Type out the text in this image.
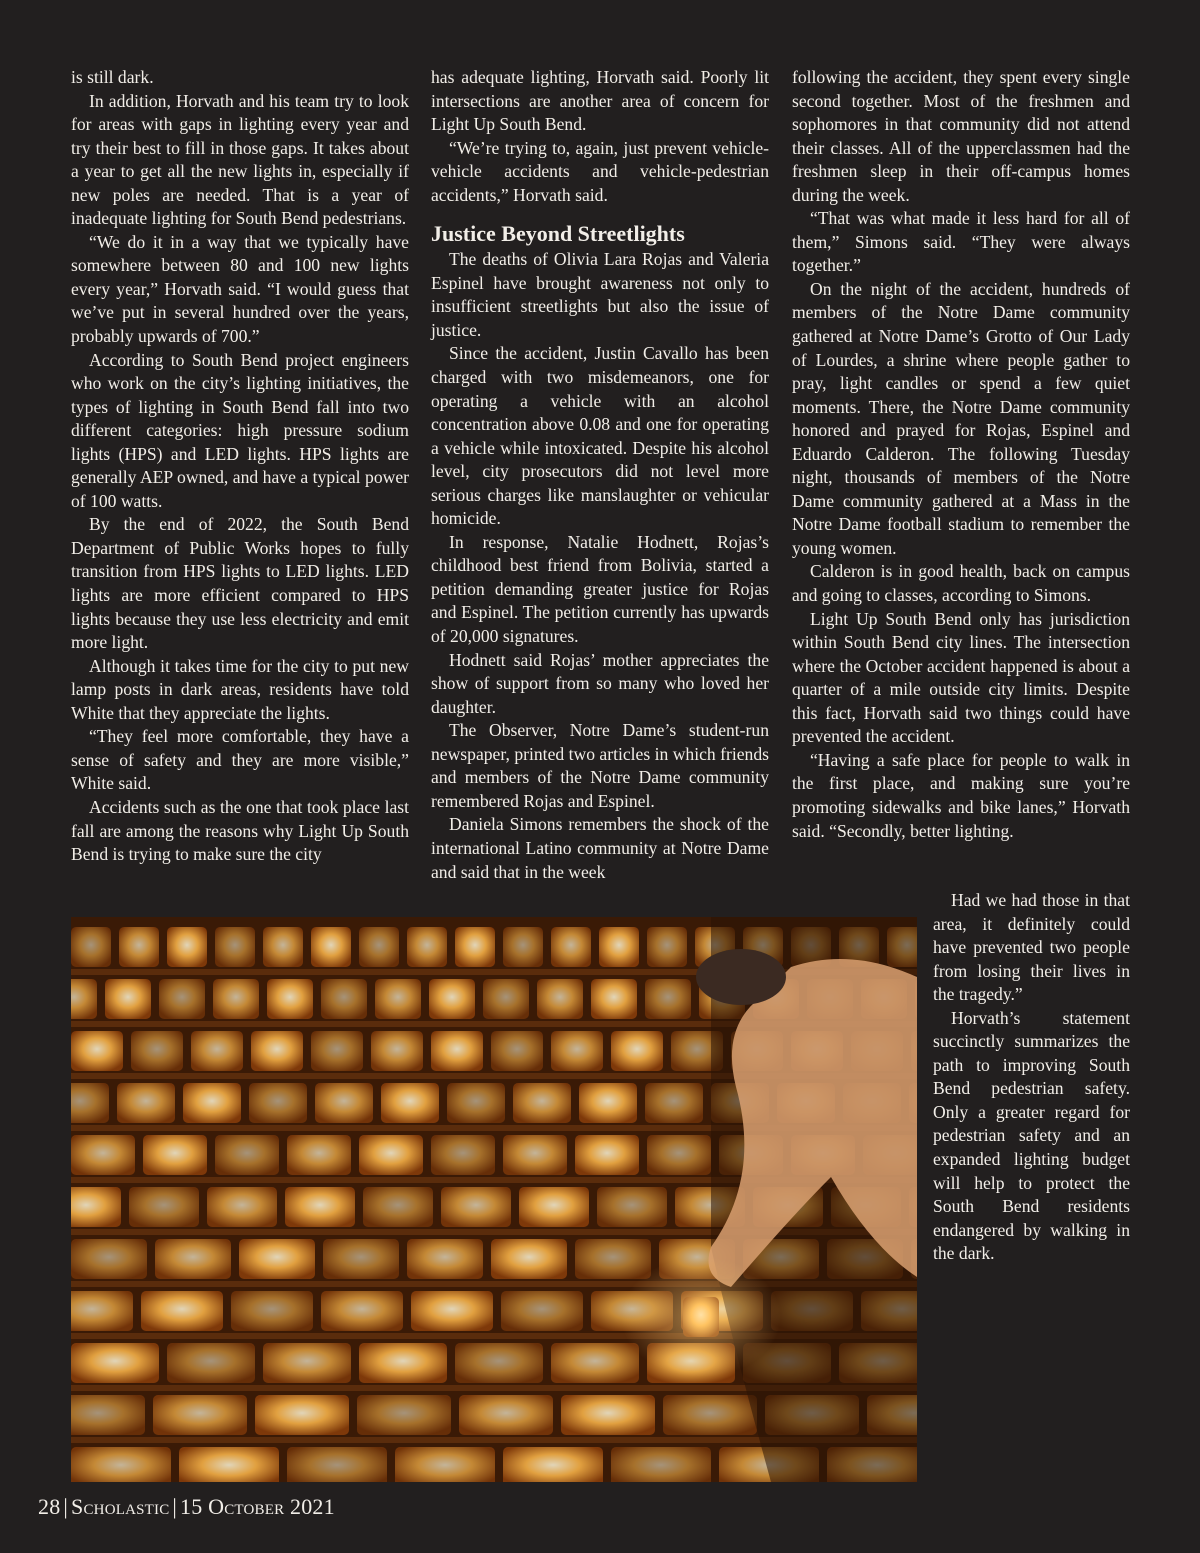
is still dark.

In addition, Horvath and his team try to look for areas with gaps in lighting every year and try their best to fill in those gaps. It takes about a year to get all the new lights in, especially if new poles are needed. That is a year of inadequate lighting for South Bend pedestrians.

“We do it in a way that we typically have somewhere between 80 and 100 new lights every year,” Horvath said. “I would guess that we’ve put in several hundred over the years, probably upwards of 700.”

According to South Bend project engineers who work on the city’s lighting initiatives, the types of lighting in South Bend fall into two different categories: high pressure sodium lights (HPS) and LED lights. HPS lights are generally AEP owned, and have a typical power of 100 watts.

By the end of 2022, the South Bend Department of Public Works hopes to fully transition from HPS lights to LED lights. LED lights are more efficient compared to HPS lights because they use less electricity and emit more light.

Although it takes time for the city to put new lamp posts in dark areas, residents have told White that they appreciate the lights.

“They feel more comfortable, they have a sense of safety and they are more visible,” White said.

Accidents such as the one that took place last fall are among the reasons why Light Up South Bend is trying to make sure the city

has adequate lighting, Horvath said. Poorly lit intersections are another area of concern for Light Up South Bend.

“We’re trying to, again, just prevent vehicle-vehicle accidents and vehicle-pedestrian accidents,” Horvath said.

Justice Beyond Streetlights

The deaths of Olivia Lara Rojas and Valeria Espinel have brought awareness not only to insufficient streetlights but also the issue of justice.

Since the accident, Justin Cavallo has been charged with two misdemeanors, one for operating a vehicle with an alcohol concentration above 0.08 and one for operating a vehicle while intoxicated. Despite his alcohol level, city prosecutors did not level more serious charges like manslaughter or vehicular homicide.

In response, Natalie Hodnett, Rojas’s childhood best friend from Bolivia, started a petition demanding greater justice for Rojas and Espinel. The petition currently has upwards of 20,000 signatures.

Hodnett said Rojas’ mother appreciates the show of support from so many who loved her daughter.

The Observer, Notre Dame’s student-run newspaper, printed two articles in which friends and members of the Notre Dame community remembered Rojas and Espinel.

Daniela Simons remembers the shock of the international Latino community at Notre Dame and said that in the week

following the accident, they spent every single second together. Most of the freshmen and sophomores in that community did not attend their classes. All of the upperclassmen had the freshmen sleep in their off-campus homes during the week.

“That was what made it less hard for all of them,” Simons said. “They were always together.”

On the night of the accident, hundreds of members of the Notre Dame community gathered at Notre Dame’s Grotto of Our Lady of Lourdes, a shrine where people gather to pray, light candles or spend a few quiet moments. There, the Notre Dame community honored and prayed for Rojas, Espinel and Eduardo Calderon. The following Tuesday night, thousands of members of the Notre Dame community gathered at a Mass in the Notre Dame football stadium to remember the young women.

Calderon is in good health, back on campus and going to classes, according to Simons.

Light Up South Bend only has jurisdiction within South Bend city lines. The intersection where the October accident happened is about a quarter of a mile outside city limits. Despite this fact, Horvath said two things could have prevented the accident.

“Having a safe place for people to walk in the first place, and making sure you’re promoting sidewalks and bike lanes,” Horvath said. “Secondly, better lighting.

Had we had those in that area, it definitely could have prevented two people from losing their lives in the tragedy.”

Horvath’s statement succinctly summarizes the path to improving South Bend pedestrian safety. Only a greater regard for pedestrian safety and an expanded lighting budget will help to protect the South Bend residents endangered by walking in the dark.

28 | Scholastic | 15 October 2021
